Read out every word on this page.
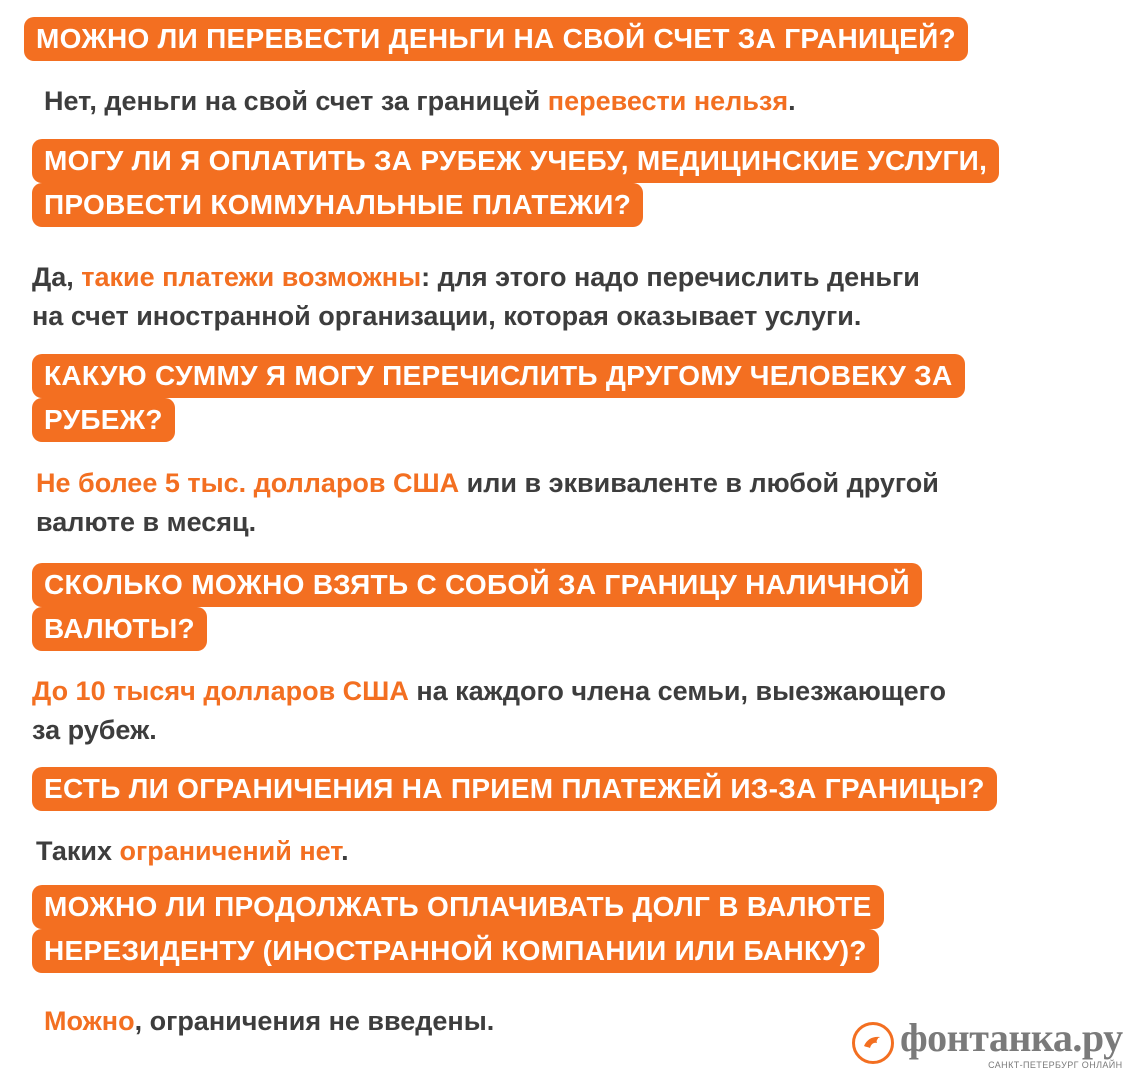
МОЖНО ЛИ ПЕРЕВЕСТИ ДЕНЬГИ НА СВОЙ СЧЕТ ЗА ГРАНИЦЕЙ?
Нет, деньги на свой счет за границей перевести нельзя.
МОГУ ЛИ Я ОПЛАТИТЬ ЗА РУБЕЖ УЧЕБУ, МЕДИЦИНСКИЕ УСЛУГИ,
ПРОВЕСТИ КОММУНАЛЬНЫЕ ПЛАТЕЖИ?
Да, такие платежи возможны: для этого надо перечислить деньги
на счет иностранной организации, которая оказывает услуги.
КАКУЮ СУММУ Я МОГУ ПЕРЕЧИСЛИТЬ ДРУГОМУ ЧЕЛОВЕКУ ЗА
РУБЕЖ?
Не более 5 тыс. долларов США или в эквиваленте в любой другой
валюте в месяц.
СКОЛЬКО МОЖНО ВЗЯТЬ С СОБОЙ ЗА ГРАНИЦУ НАЛИЧНОЙ
ВАЛЮТЫ?
До 10 тысяч долларов США на каждого члена семьи, выезжающего
за рубеж.
ЕСТЬ ЛИ ОГРАНИЧЕНИЯ НА ПРИЕМ ПЛАТЕЖЕЙ ИЗ-ЗА ГРАНИЦЫ?
Таких ограничений нет.
МОЖНО ЛИ ПРОДОЛЖАТЬ ОПЛАЧИВАТЬ ДОЛГ В ВАЛЮТЕ
НЕРЕЗИДЕНТУ (ИНОСТРАННОЙ КОМПАНИИ ИЛИ БАНКУ)?
Можно, ограничения не введены.	фонтанка.ру
САНКТ-ПЕТЕРБУРГ ОНЛАЙН
